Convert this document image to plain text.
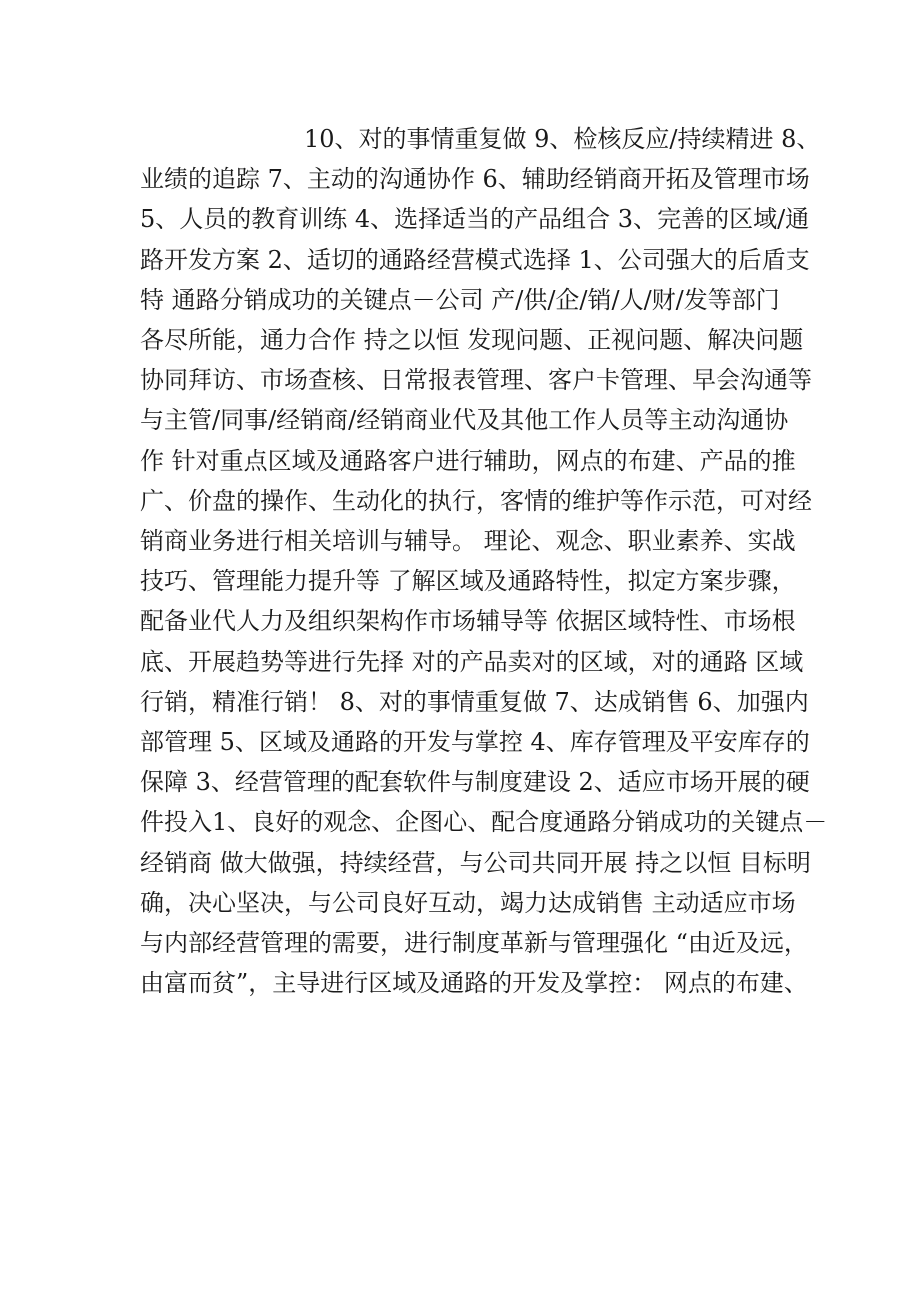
10、对的事情重复做 9、检核反应/持续精进 8、
业绩的追踪 7、主动的沟通协作 6、辅助经销商开拓及管理市场
5、人员的教育训练 4、选择适当的产品组合 3、完善的区域/通
路开发方案 2、适切的通路经营模式选择 1、公司强大的后盾支
特 通路分销成功的关键点－公司 产/供/企/销/人/财/发等部门
各尽所能，通力合作 持之以恒 发现问题、正视问题、解决问题
协同拜访、市场查核、日常报表管理、客户卡管理、早会沟通等
与主管/同事/经销商/经销商业代及其他工作人员等主动沟通协
作 针对重点区域及通路客户进行辅助，网点的布建、产品的推
广、价盘的操作、生动化的执行，客情的维护等作示范，可对经
销商业务进行相关培训与辅导。 理论、观念、职业素养、实战
技巧、管理能力提升等 了解区域及通路特性，拟定方案步骤，
配备业代人力及组织架构作市场辅导等 依据区域特性、市场根
底、开展趋势等进行先择 对的产品卖对的区域，对的通路 区域
行销，精准行销！ 8、对的事情重复做 7、达成销售 6、加强内
部管理 5、区域及通路的开发与掌控 4、库存管理及平安库存的
保障 3、经营管理的配套软件与制度建设 2、适应市场开展的硬
件投入1、良好的观念、企图心、配合度通路分销成功的关键点－
经销商 做大做强，持续经营，与公司共同开展 持之以恒 目标明
确，决心坚决，与公司良好互动，竭力达成销售 主动适应市场
与内部经营管理的需要，进行制度革新与管理强化 “由近及远，
由富而贫”，主导进行区域及通路的开发及掌控： 网点的布建、
